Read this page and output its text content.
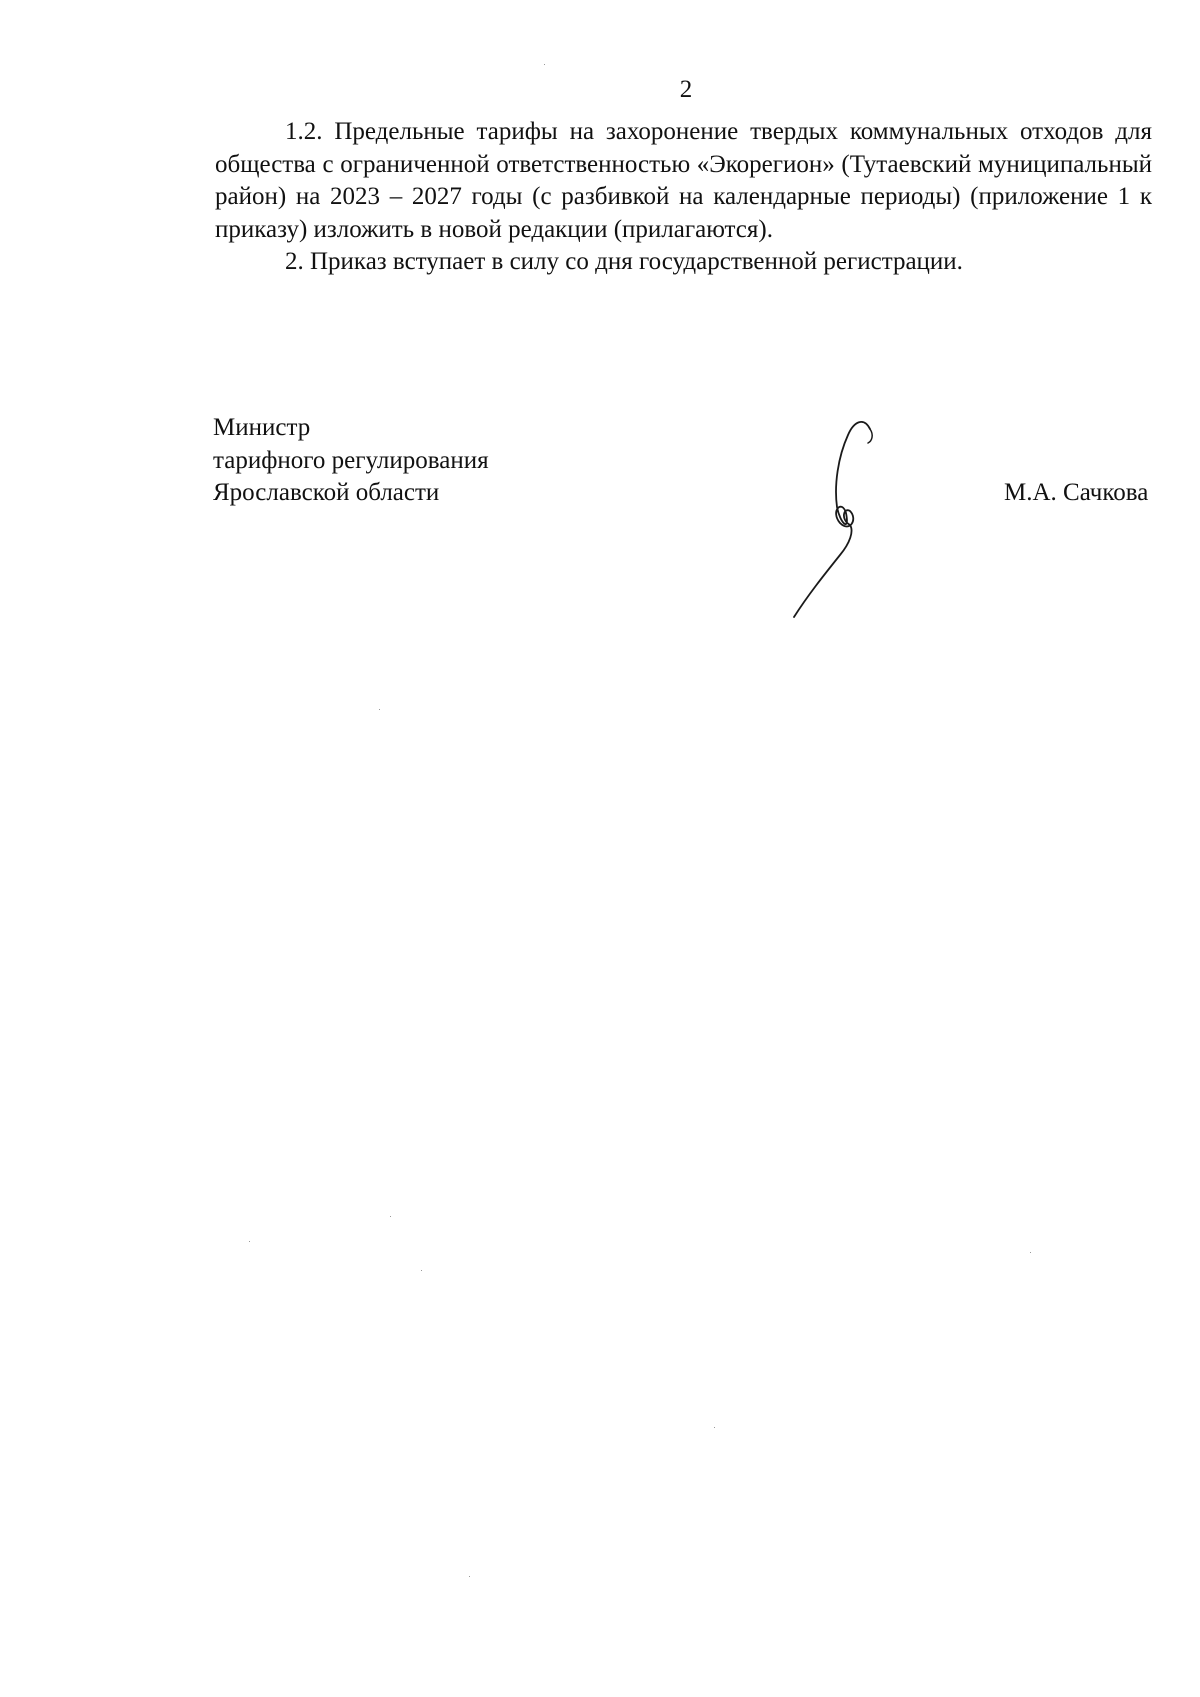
2

1.2. Предельные тарифы на захоронение твердых коммунальных отходов для общества с ограниченной ответственностью «Экорегион» (Тутаевский муниципальный район) на 2023 – 2027 годы (с разбивкой на календарные периоды) (приложение 1 к приказу) изложить в новой редакции (прилагаются).

2. Приказ вступает в силу со дня государственной регистрации.

Министр
тарифного регулирования
Ярославской области	М.А. Сачкова
